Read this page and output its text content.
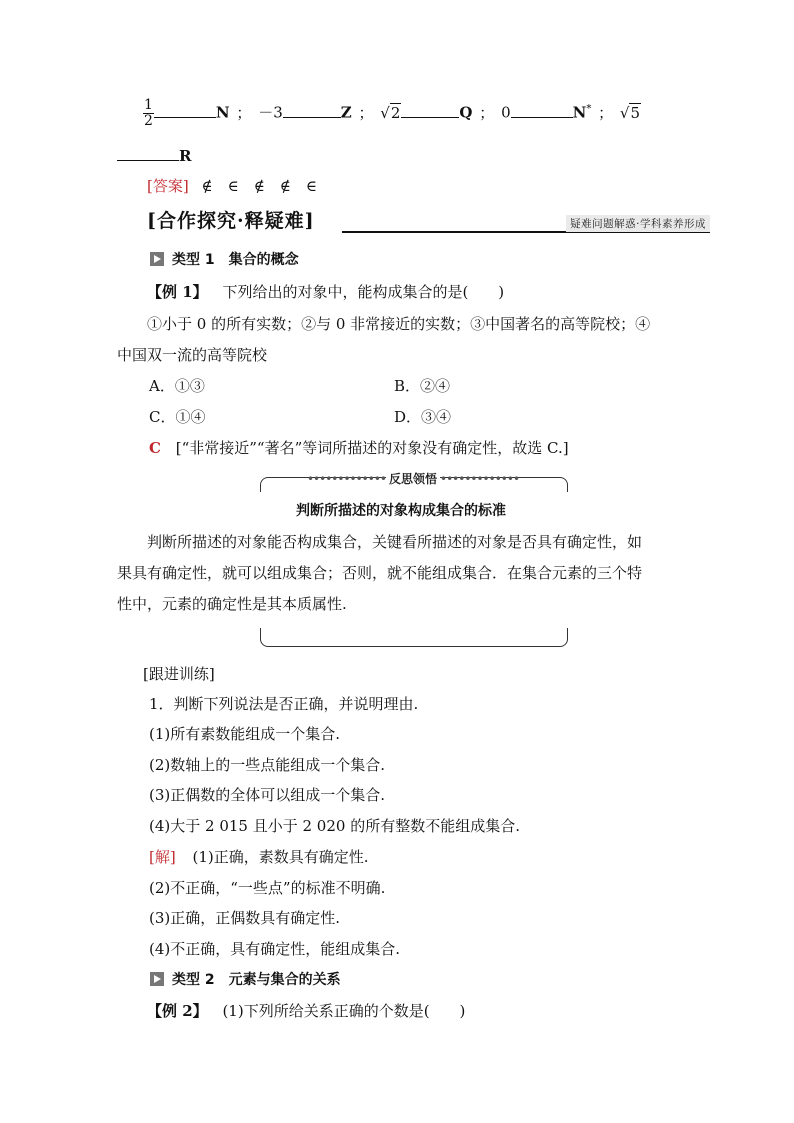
$\frac{1}{2}$	N ； －3	Z ； √2	Q ； 0	N* ； √5
R
[答案] ∉　∈　∉　∉　∈
[合作探究·释疑难]	疑难问题解惑·学科素养形成
类型 1　集合的概念
【例 1】 下列给出的对象中，能构成集合的是(　　)
①小于 0 的所有实数；②与 0 非常接近的实数；③中国著名的高等院校；④
中国双一流的高等院校
A．①③	B．②④
C．①④	D．③④
C [“非常接近”“著名”等词所描述的对象没有确定性，故选 C.]
••••••••••••• 反思领悟 •••••••••••••
判断所描述的对象构成集合的标准
判断所描述的对象能否构成集合，关键看所描述的对象是否具有确定性，如
果具有确定性，就可以组成集合；否则，就不能组成集合．在集合元素的三个特
性中，元素的确定性是其本质属性.
[跟进训练]
1．判断下列说法是否正确，并说明理由.
(1)所有素数能组成一个集合.
(2)数轴上的一些点能组成一个集合.
(3)正偶数的全体可以组成一个集合.
(4)大于 2 015 且小于 2 020 的所有整数不能组成集合.
[解] (1)正确，素数具有确定性.
(2)不正确，“一些点”的标准不明确.
(3)正确，正偶数具有确定性.
(4)不正确，具有确定性，能组成集合.
类型 2　元素与集合的关系
【例 2】 (1)下列所给关系正确的个数是(　　)
